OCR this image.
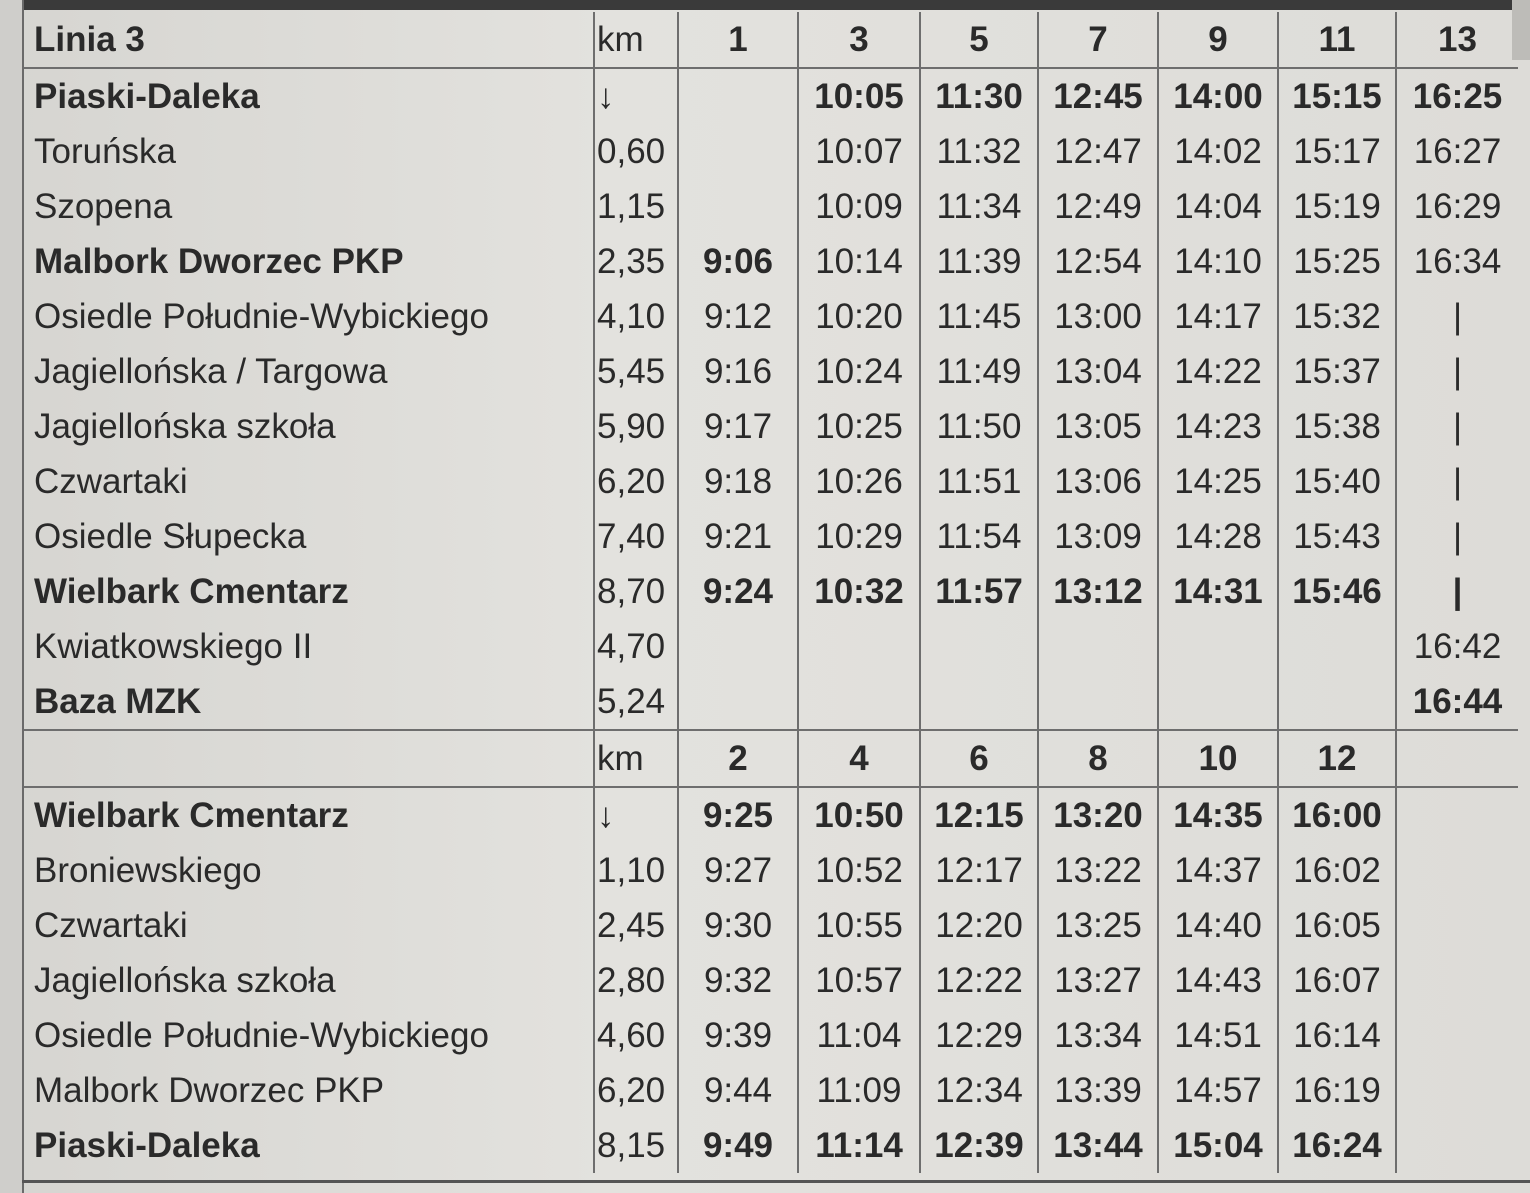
Linia 3	km	1	3	5	7	9	11	13
Piaski-Daleka	↓		10:05	11:30	12:45	14:00	15:15	16:25
Toruńska	0,60		10:07	11:32	12:47	14:02	15:17	16:27
Szopena	1,15		10:09	11:34	12:49	14:04	15:19	16:29
Malbork Dworzec PKP	2,35	9:06	10:14	11:39	12:54	14:10	15:25	16:34
Osiedle Południe-Wybickiego	4,10	9:12	10:20	11:45	13:00	14:17	15:32	|
Jagiellońska / Targowa	5,45	9:16	10:24	11:49	13:04	14:22	15:37	|
Jagiellońska szkoła	5,90	9:17	10:25	11:50	13:05	14:23	15:38	|
Czwartaki	6,20	9:18	10:26	11:51	13:06	14:25	15:40	|
Osiedle Słupecka	7,40	9:21	10:29	11:54	13:09	14:28	15:43	|
Wielbark Cmentarz	8,70	9:24	10:32	11:57	13:12	14:31	15:46	|
Kwiatkowskiego II	4,70							16:42
Baza MZK	5,24							16:44
	km	2	4	6	8	10	12	
Wielbark Cmentarz	↓	9:25	10:50	12:15	13:20	14:35	16:00	
Broniewskiego	1,10	9:27	10:52	12:17	13:22	14:37	16:02	
Czwartaki	2,45	9:30	10:55	12:20	13:25	14:40	16:05	
Jagiellońska szkoła	2,80	9:32	10:57	12:22	13:27	14:43	16:07	
Osiedle Południe-Wybickiego	4,60	9:39	11:04	12:29	13:34	14:51	16:14	
Malbork Dworzec PKP	6,20	9:44	11:09	12:34	13:39	14:57	16:19	
Piaski-Daleka	8,15	9:49	11:14	12:39	13:44	15:04	16:24	
